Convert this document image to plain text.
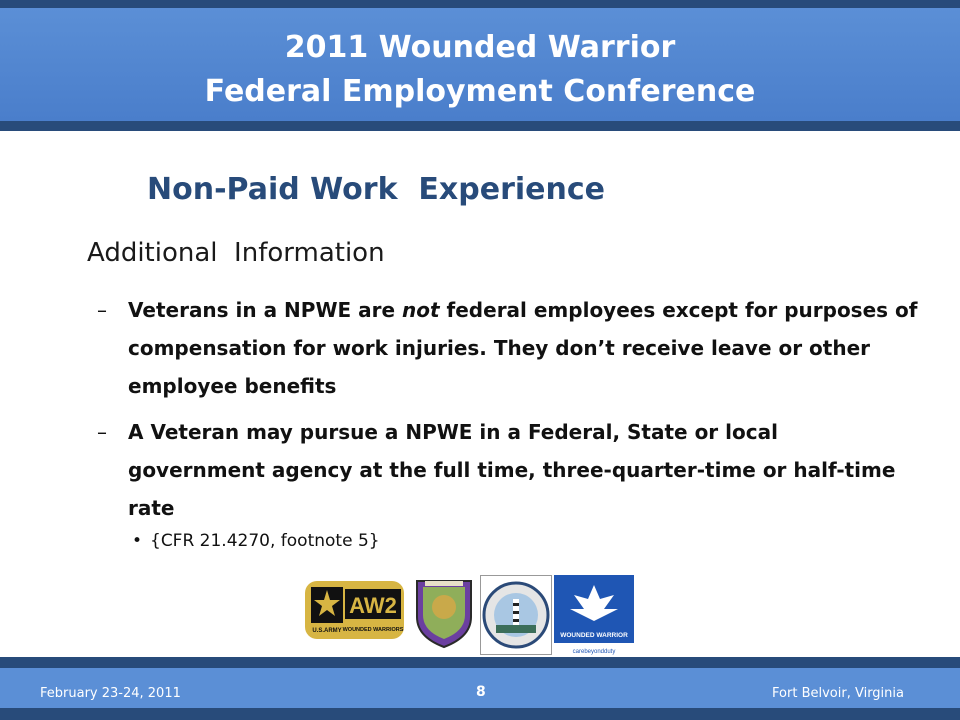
2011 Wounded Warrior
Federal Employment Conference
Non-Paid Work  Experience
Additional  Information
– Veterans in a NPWE are not federal employees except for purposes of compensation for work injuries. They don’t receive leave or other employee benefits
– A Veteran may pursue a NPWE in a Federal, State or local government agency at the full time, three-quarter-time or half-time rate
• {CFR 21.4270, footnote 5}
AW2
U.S.ARMY WOUNDED WARRIORS
WOUNDED WARRIOR
carebeyondduty
February 23-24, 2011	8	Fort Belvoir, Virginia
